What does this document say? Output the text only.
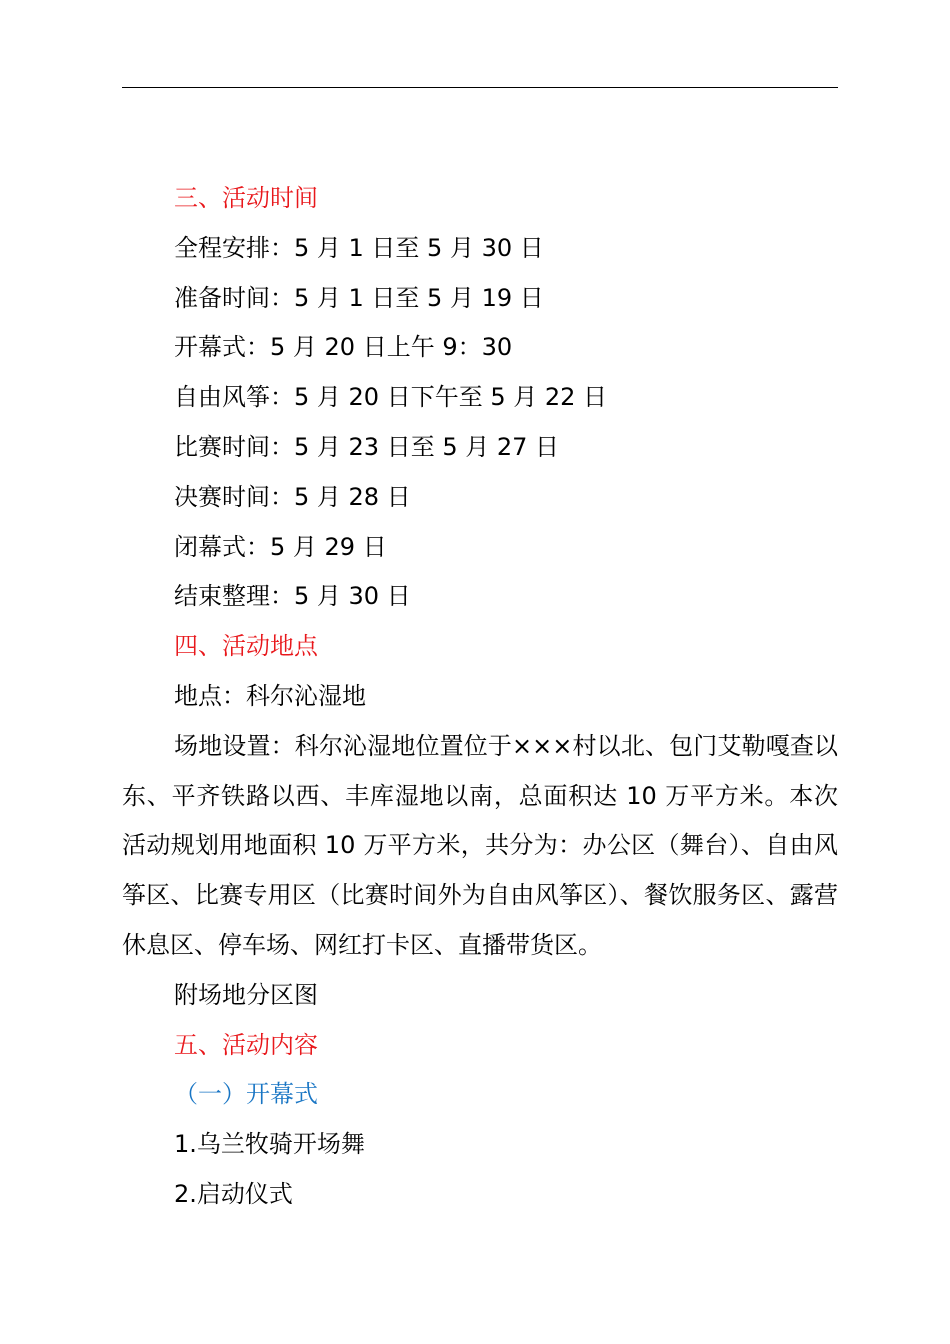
三、活动时间

全程安排：5 月 1 日至 5 月 30 日

准备时间：5 月 1 日至 5 月 19 日

开幕式：5 月 20 日上午 9：30

自由风筝：5 月 20 日下午至 5 月 22 日

比赛时间：5 月 23 日至 5 月 27 日

决赛时间：5 月 28 日

闭幕式：5 月 29 日

结束整理：5 月 30 日

四、活动地点

地点：科尔沁湿地

场地设置：科尔沁湿地位置位于×××村以北、包门艾勒嘎查以东、平齐铁路以西、丰库湿地以南，总面积达 10 万平方米。本次活动规划用地面积 10 万平方米，共分为：办公区（舞台）、自由风筝区、比赛专用区（比赛时间外为自由风筝区）、餐饮服务区、露营休息区、停车场、网红打卡区、直播带货区。

附场地分区图

五、活动内容

（一）开幕式

1.乌兰牧骑开场舞

2.启动仪式
